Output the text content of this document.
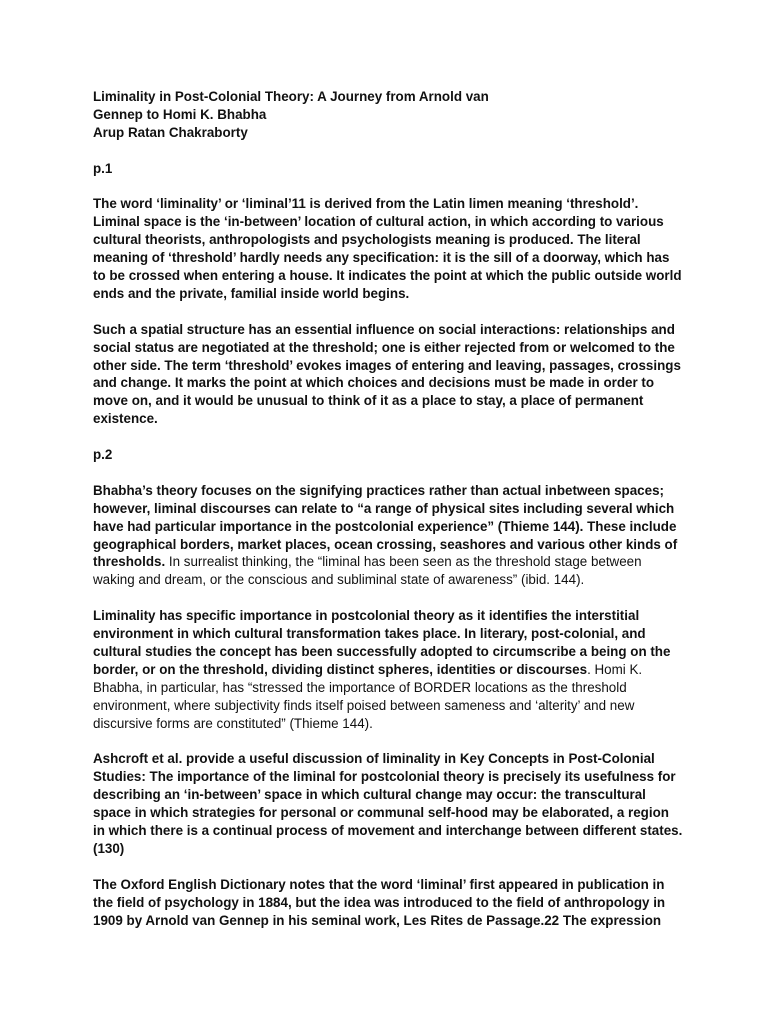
Liminality in Post-Colonial Theory: A Journey from Arnold van
Gennep to Homi K. Bhabha
Arup Ratan Chakraborty
p.1

The word ‘liminality’ or ‘liminal’11 is derived from the Latin limen meaning ‘threshold’. Liminal space is the ‘in-between’ location of cultural action, in which according to various cultural theorists, anthropologists and psychologists meaning is produced. The literal meaning of ‘threshold’ hardly needs any specification: it is the sill of a doorway, which has to be crossed when entering a house. It indicates the point at which the public outside world ends and the private, familial inside world begins.

Such a spatial structure has an essential influence on social interactions: relationships and social status are negotiated at the threshold; one is either rejected from or welcomed to the other side. The term ‘threshold’ evokes images of entering and leaving, passages, crossings and change. It marks the point at which choices and decisions must be made in order to move on, and it would be unusual to think of it as a place to stay, a place of permanent existence.

p.2

Bhabha’s theory focuses on the signifying practices rather than actual inbetween spaces; however, liminal discourses can relate to “a range of physical sites including several which have had particular importance in the postcolonial experience” (Thieme 144). These include geographical borders, market places, ocean crossing, seashores and various other kinds of thresholds. In surrealist thinking, the “liminal has been seen as the threshold stage between waking and dream, or the conscious and subliminal state of awareness” (ibid. 144).

Liminality has specific importance in postcolonial theory as it identifies the interstitial environment in which cultural transformation takes place. In literary, post-colonial, and cultural studies the concept has been successfully adopted to circumscribe a being on the border, or on the threshold, dividing distinct spheres, identities or discourses. Homi K. Bhabha, in particular, has “stressed the importance of BORDER locations as the threshold environment, where subjectivity finds itself poised between sameness and ‘alterity’ and new discursive forms are constituted” (Thieme 144).

Ashcroft et al. provide a useful discussion of liminality in Key Concepts in Post-Colonial Studies: The importance of the liminal for postcolonial theory is precisely its usefulness for describing an ‘in-between’ space in which cultural change may occur: the transcultural space in which strategies for personal or communal self-hood may be elaborated, a region in which there is a continual process of movement and interchange between different states. (130)

The Oxford English Dictionary notes that the word ‘liminal’ first appeared in publication in the field of psychology in 1884, but the idea was introduced to the field of anthropology in 1909 by Arnold van Gennep in his seminal work, Les Rites de Passage.22 The expression
